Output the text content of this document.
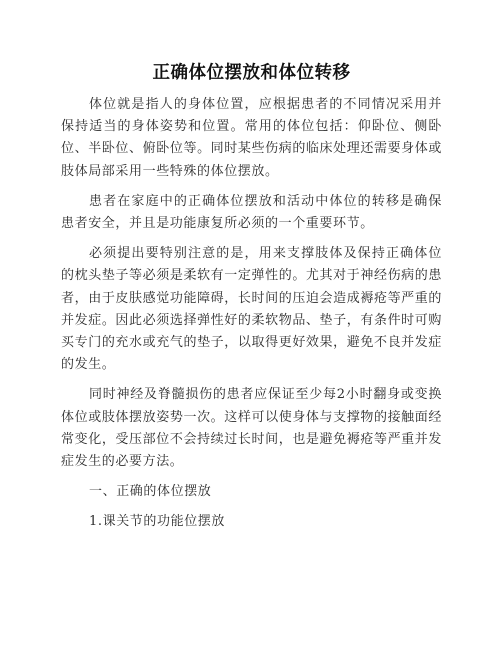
正确体位摆放和体位转移

体位就是指人的身体位置，应根据患者的不同情况采用并保持适当的身体姿势和位置。常用的体位包括：仰卧位、侧卧位、半卧位、俯卧位等。同时某些伤病的临床处理还需要身体或肢体局部采用一些特殊的体位摆放。

患者在家庭中的正确体位摆放和活动中体位的转移是确保患者安全，并且是功能康复所必须的一个重要环节。

必须提出要特别注意的是，用来支撑肢体及保持正确体位的枕头垫子等必须是柔软有一定弹性的。尤其对于神经伤病的患者，由于皮肤感觉功能障碍，长时间的压迫会造成褥疮等严重的并发症。因此必须选择弹性好的柔软物品、垫子，有条件时可购买专门的充水或充气的垫子，以取得更好效果，避免不良并发症的发生。

同时神经及脊髓损伤的患者应保证至少每2小时翻身或变换体位或肢体摆放姿势一次。这样可以使身体与支撑物的接触面经常变化，受压部位不会持续过长时间，也是避免褥疮等严重并发症发生的必要方法。

一、正确的体位摆放

1.课关节的功能位摆放
